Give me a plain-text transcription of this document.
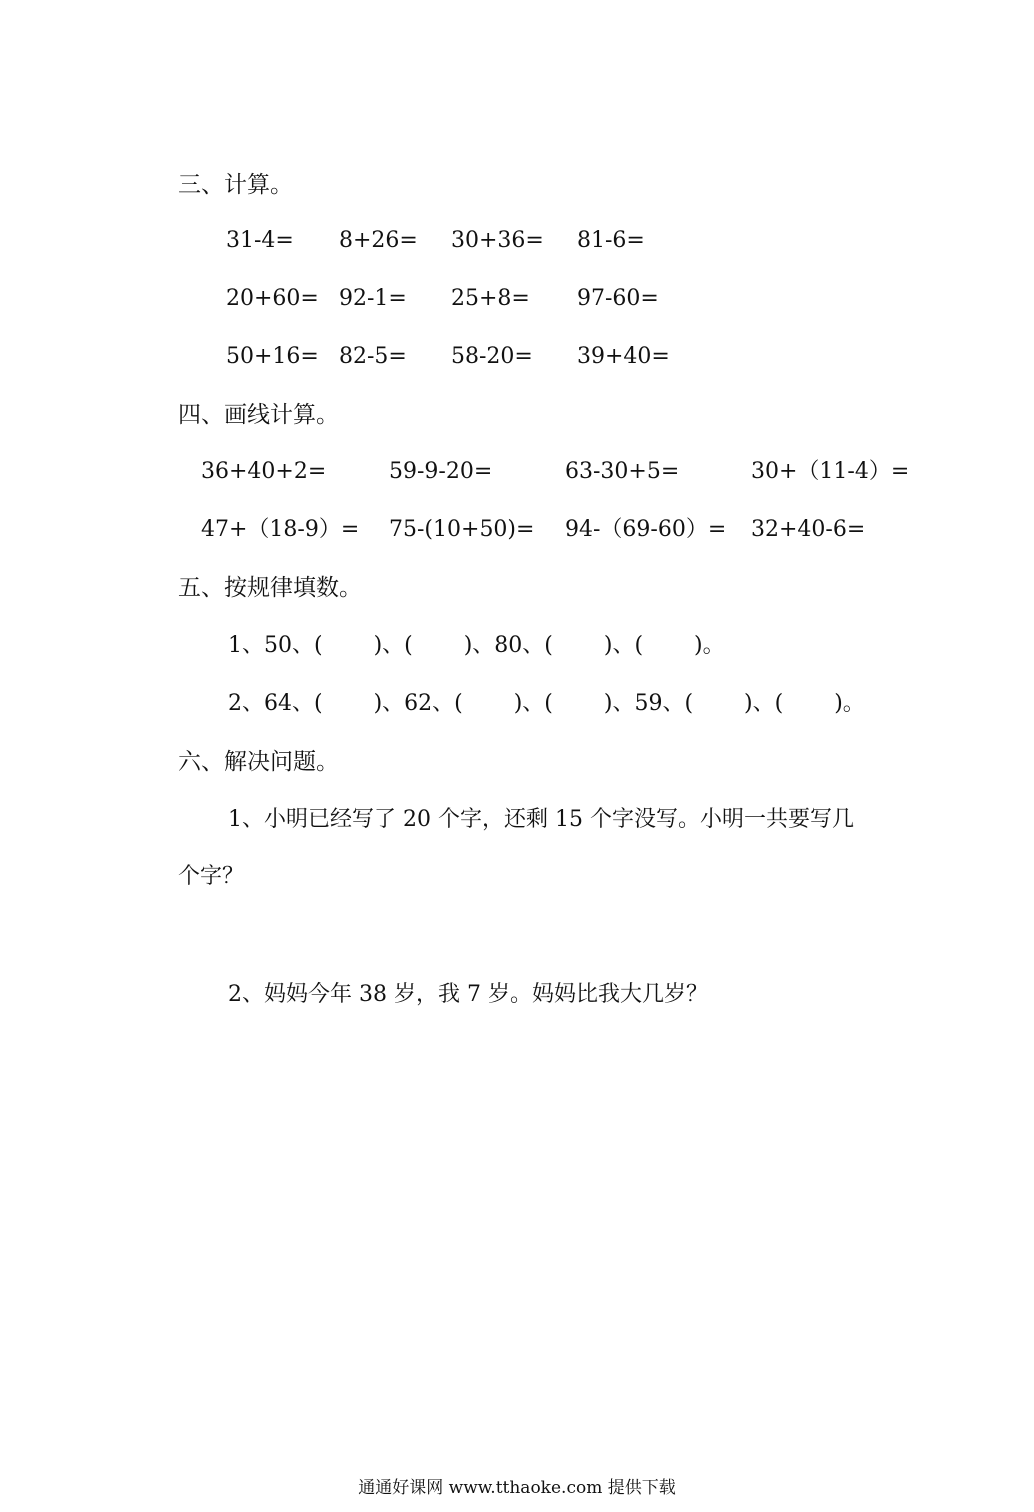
三、计算。
31-4= 8+26= 30+36= 81-6=
20+60= 92-1= 25+8= 97-60=
50+16= 82-5= 58-20= 39+40=
四、画线计算。
36+40+2=	59-9-20=	63-30+5=	30+（11-4）=
47+（18-9）= 75-(10+50)= 94-（69-60）= 32+40-6=
五、按规律填数。
1、50、(　　 )、(　　 )、80、(　　 )、(　　 )。
2、64、(　　 )、62、(　　 )、(　　 )、59、(　　 )、(　　 )。
六、解决问题。
1、小明已经写了 20 个字，还剩 15 个字没写。小明一共要写几
个字？
2、妈妈今年 38 岁，我 7 岁。妈妈比我大几岁？
通通好课网 www.tthaoke.com 提供下载
